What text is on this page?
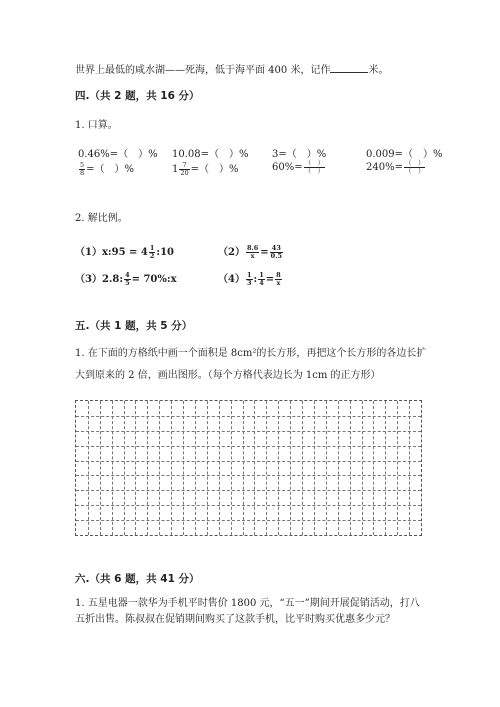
世界上最低的咸水湖——死海，低于海平面 400 米，记作	米。
四.（共 2 题，共 16 分）
1. 口算。
0.46%=（　）% 10.08=（　）% 3=（　）%	0.009=（　）%
$\frac{5}{8}$ =（　）%	$1 \frac{7}{20}$ =（　）%	$60\%= \frac{( )}{( )}$	$240\%= \frac{( )}{( )}$
2. 解比例。
（1）x:95 = $4 \frac{1}{2}$ :10	$(2) \frac{8.6}{x} = \frac{43}{0.5}$
（3）2.8: $\frac{4}{5}$ = 70%:x	$(4) \frac{1}{3}$ : $\frac{1}{4} = \frac{8}{x}$
五.（共 1 题，共 5 分）
1. 在下面的方格纸中画一个面积是 8cm²的长方形，再把这个长方形的各边长扩
大到原来的 2 倍，画出图形。（每个方格代表边长为 1cm 的正方形）
六.（共 6 题，共 41 分）
1. 五星电器一款华为手机平时售价 1800 元，“五一”期间开展促销活动，打八
五折出售。陈叔叔在促销期间购买了这款手机，比平时购买优惠多少元？
